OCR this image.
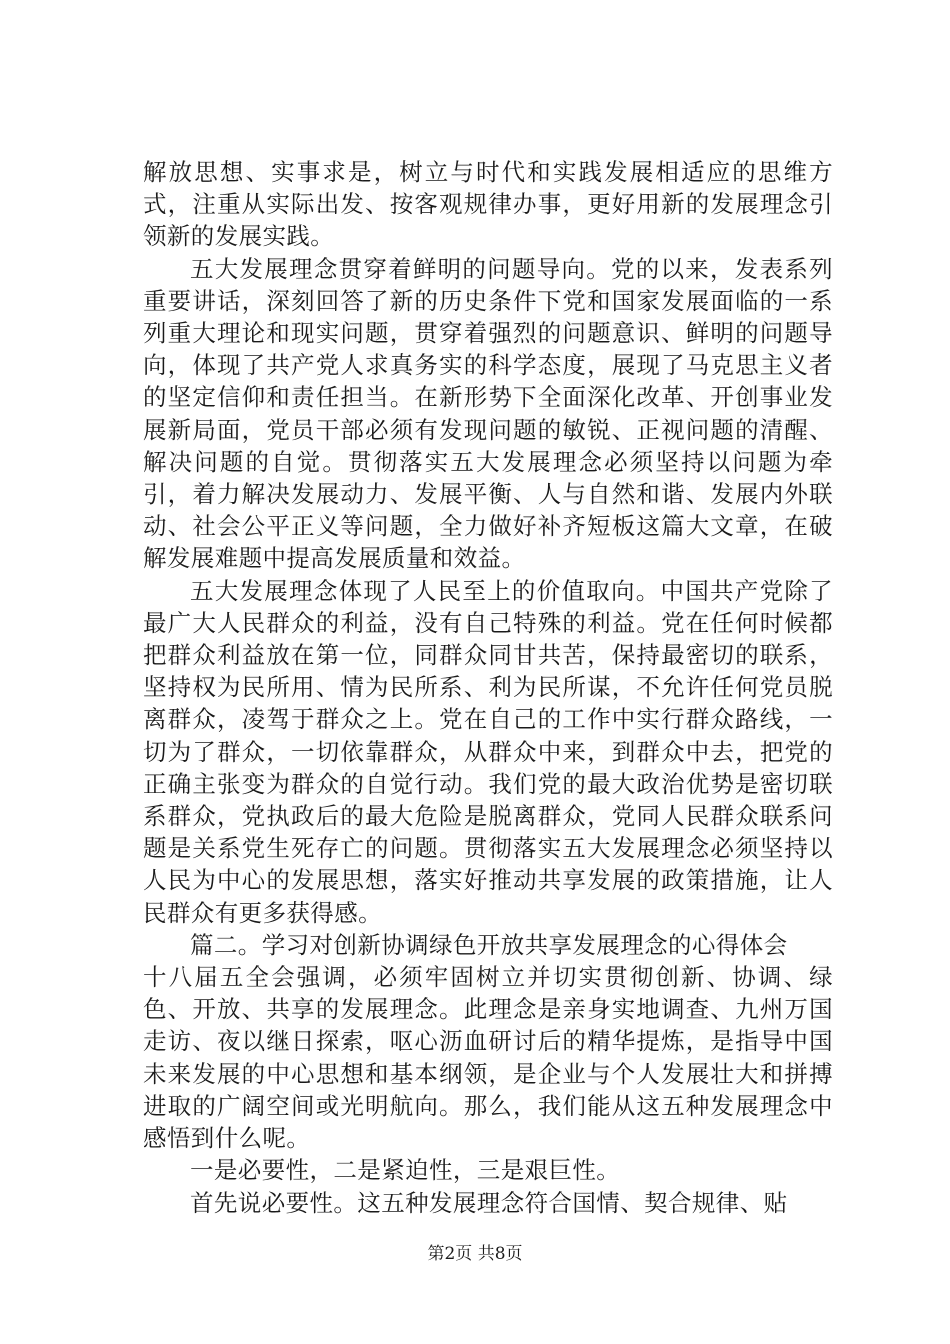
解放思想、实事求是，树立与时代和实践发展相适应的思维方式，注重从实际出发、按客观规律办事，更好用新的发展理念引领新的发展实践。

五大发展理念贯穿着鲜明的问题导向。党的以来，发表系列重要讲话，深刻回答了新的历史条件下党和国家发展面临的一系列重大理论和现实问题，贯穿着强烈的问题意识、鲜明的问题导向，体现了共产党人求真务实的科学态度，展现了马克思主义者的坚定信仰和责任担当。在新形势下全面深化改革、开创事业发展新局面，党员干部必须有发现问题的敏锐、正视问题的清醒、解决问题的自觉。贯彻落实五大发展理念必须坚持以问题为牵引，着力解决发展动力、发展平衡、人与自然和谐、发展内外联动、社会公平正义等问题，全力做好补齐短板这篇大文章，在破解发展难题中提高发展质量和效益。

五大发展理念体现了人民至上的价值取向。中国共产党除了最广大人民群众的利益，没有自己特殊的利益。党在任何时候都把群众利益放在第一位，同群众同甘共苦，保持最密切的联系，坚持权为民所用、情为民所系、利为民所谋，不允许任何党员脱离群众，凌驾于群众之上。党在自己的工作中实行群众路线，一切为了群众，一切依靠群众，从群众中来，到群众中去，把党的正确主张变为群众的自觉行动。我们党的最大政治优势是密切联系群众，党执政后的最大危险是脱离群众，党同人民群众联系问题是关系党生死存亡的问题。贯彻落实五大发展理念必须坚持以人民为中心的发展思想，落实好推动共享发展的政策措施，让人民群众有更多获得感。

篇二。学习对创新协调绿色开放共享发展理念的心得体会

十八届五全会强调，必须牢固树立并切实贯彻创新、协调、绿色、开放、共享的发展理念。此理念是亲身实地调查、九州万国走访、夜以继日探索，呕心沥血研讨后的精华提炼，是指导中国未来发展的中心思想和基本纲领，是企业与个人发展壮大和拼搏进取的广阔空间或光明航向。那么，我们能从这五种发展理念中感悟到什么呢。

一是必要性，二是紧迫性，三是艰巨性。

首先说必要性。这五种发展理念符合国情、契合规律、贴

第2页 共8页
